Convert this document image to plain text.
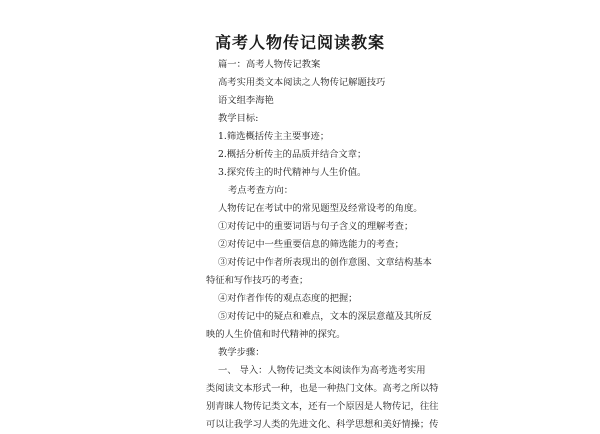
高考人物传记阅读教案
篇一：高考人物传记教案
高考实用类文本阅读之人物传记解题技巧
语文组李海艳
教学目标:
1.筛选概括传主主要事迹；
2.概括分析传主的品质并结合文章；
3.探究传主的时代精神与人生价值。
考点考查方向：
人物传记在考试中的常见题型及经常设考的角度。
①对传记中的重要词语与句子含义的理解考查；
②对传记中一些重要信息的筛选能力的考查；
③对传记中作者所表现出的创作意图、文章结构基本
特征和写作技巧的考查；
④对作者作传的观点态度的把握；
⑤对传记中的疑点和难点，文本的深层意蕴及其所反
映的人生价值和时代精神的探究。
教学步骤：
一、 导入：人物传记类文本阅读作为高考选考实用
类阅读文本形式一种，也是一种热门文体。高考之所以特
别青睐人物传记类文本，还有一个原因是人物传记，往往
可以让我学习人类的先进文化、科学思想和美好情操；传
